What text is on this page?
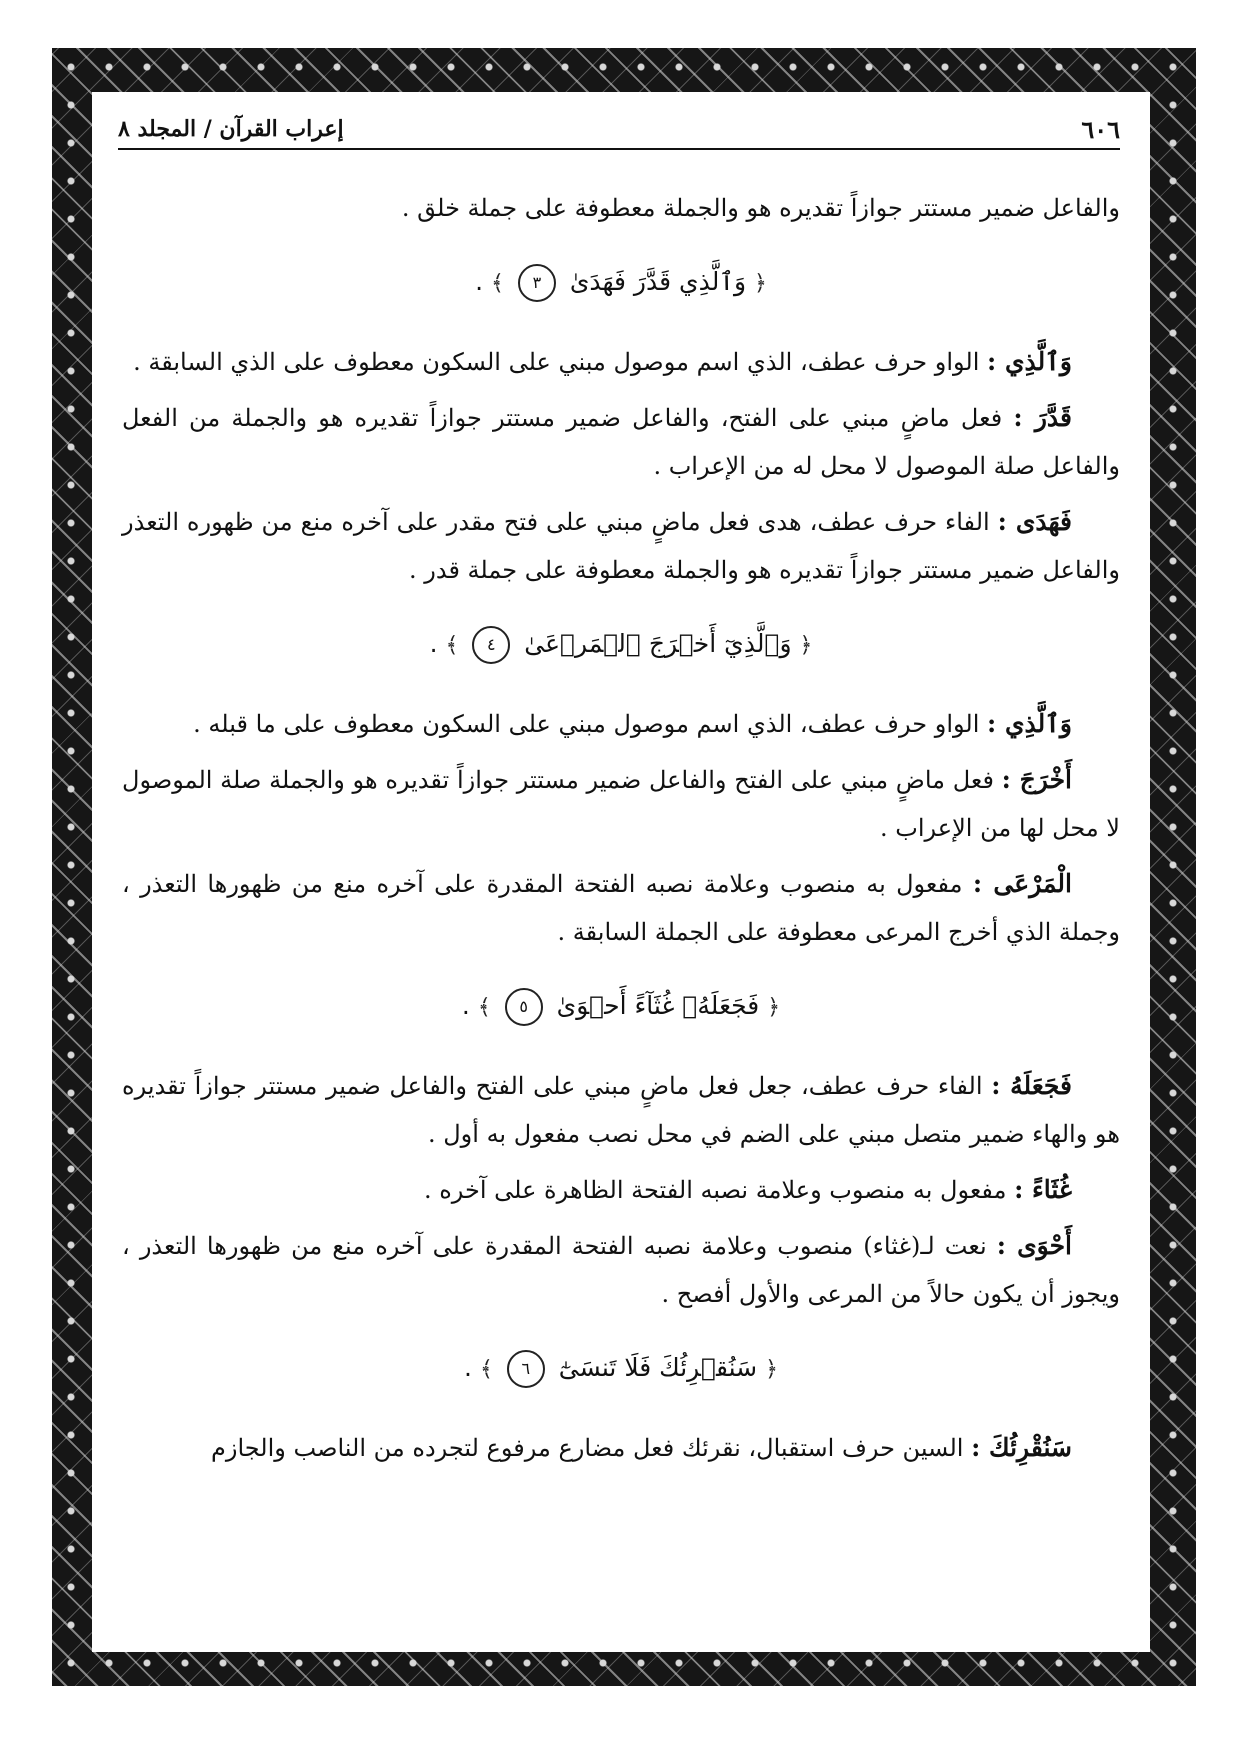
إعراب القرآن / المجلد ٨	٦٠٦

والفاعل ضمير مستتر جوازاً تقديره هو والجملة معطوفة على جملة خلق .

﴿ وَٱلَّذِي قَدَّرَ فَهَدَىٰ ٣ ﴾ .

وَٱلَّذِي : الواو حرف عطف، الذي اسم موصول مبني على السكون معطوف على الذي السابقة .

قَدَّرَ : فعل ماضٍ مبني على الفتح، والفاعل ضمير مستتر جوازاً تقديره هو والجملة من الفعل والفاعل صلة الموصول لا محل له من الإعراب .

فَهَدَى : الفاء حرف عطف، هدى فعل ماضٍ مبني على فتح مقدر على آخره منع من ظهوره التعذر والفاعل ضمير مستتر جوازاً تقديره هو والجملة معطوفة على جملة قدر .

﴿ وَٱلَّذِيٓ أَخۡرَجَ ٱلۡمَرۡعَىٰ ٤ ﴾ .

وَٱلَّذِي : الواو حرف عطف، الذي اسم موصول مبني على السكون معطوف على ما قبله .

أَخْرَجَ : فعل ماضٍ مبني على الفتح والفاعل ضمير مستتر جوازاً تقديره هو والجملة صلة الموصول لا محل لها من الإعراب .

الْمَرْعَى : مفعول به منصوب وعلامة نصبه الفتحة المقدرة على آخره منع من ظهورها التعذر ، وجملة الذي أخرج المرعى معطوفة على الجملة السابقة .

﴿ فَجَعَلَهُۥ غُثَآءً أَحۡوَىٰ ٥ ﴾ .

فَجَعَلَهُ : الفاء حرف عطف، جعل فعل ماضٍ مبني على الفتح والفاعل ضمير مستتر جوازاً تقديره هو والهاء ضمير متصل مبني على الضم في محل نصب مفعول به أول .

غُثَاءً : مفعول به منصوب وعلامة نصبه الفتحة الظاهرة على آخره .

أَحْوَى : نعت لـ(غثاء) منصوب وعلامة نصبه الفتحة المقدرة على آخره منع من ظهورها التعذر ، ويجوز أن يكون حالاً من المرعى والأول أفصح .

﴿ سَنُقۡرِئُكَ فَلَا تَنسَىٰٓ ٦ ﴾ .

سَنُقْرِئُكَ : السين حرف استقبال، نقرئك فعل مضارع مرفوع لتجرده من الناصب والجازم
